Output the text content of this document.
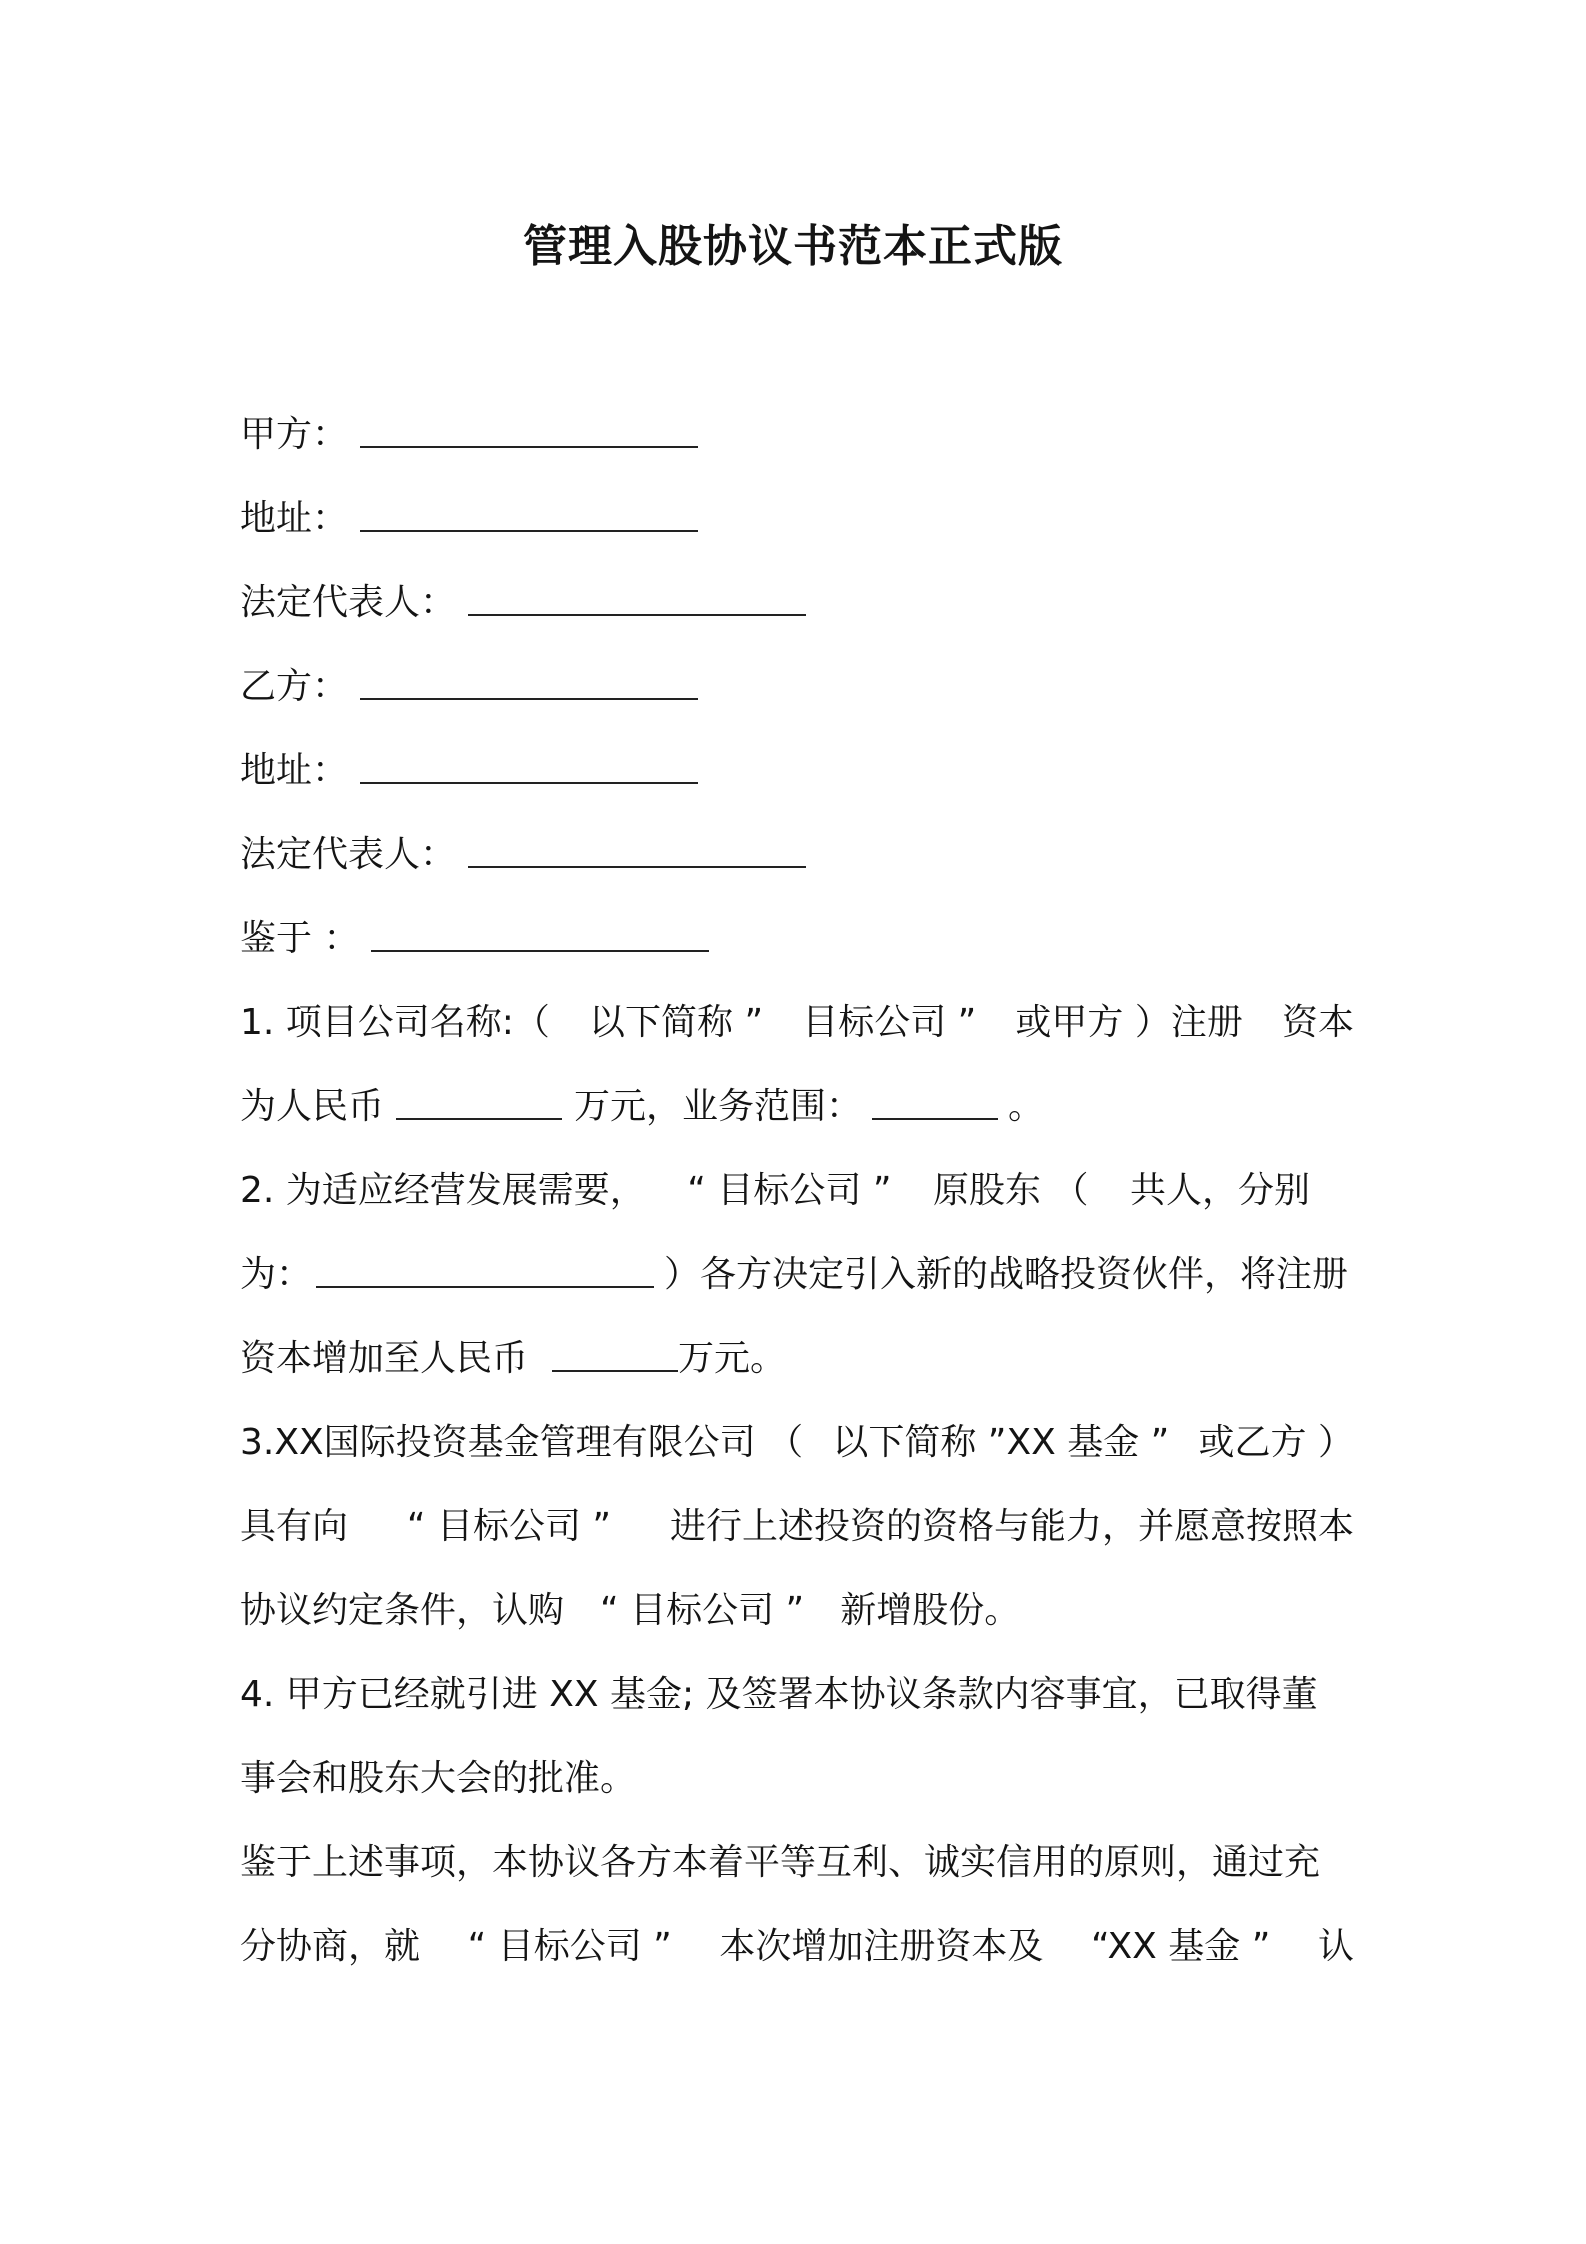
管理入股协议书范本正式版
甲方：
地址：
法定代表人：
乙方：
地址：
法定代表人：
鉴于 ：
1. 项目公司名称:（ 以下简称 ” 目标公司 ” 或甲方 ）注册 资本
为人民币	万元，业务范围：	。
2. 为适应经营发展需要， “ 目标公司 ” 原股东 （ 共人，分别
为：	）各方决定引入新的战略投资伙伴，将注册
资本增加至人民币	万元。
3.XX国际投资基金管理有限公司 （ 以下简称 ”XX 基金 ” 或乙方 ）
具有向 “ 目标公司 ” 进行上述投资的资格与能力，并愿意按照本
协议约定条件，认购　“ 目标公司 ”　新增股份。
4. 甲方已经就引进 XX 基金; 及签署本协议条款内容事宜，已取得董
事会和股东大会的批准。
鉴于上述事项，本协议各方本着平等互利、诚实信用的原则，通过充
分协商，就 “ 目标公司 ” 本次增加注册资本及 “XX 基金 ” 认
